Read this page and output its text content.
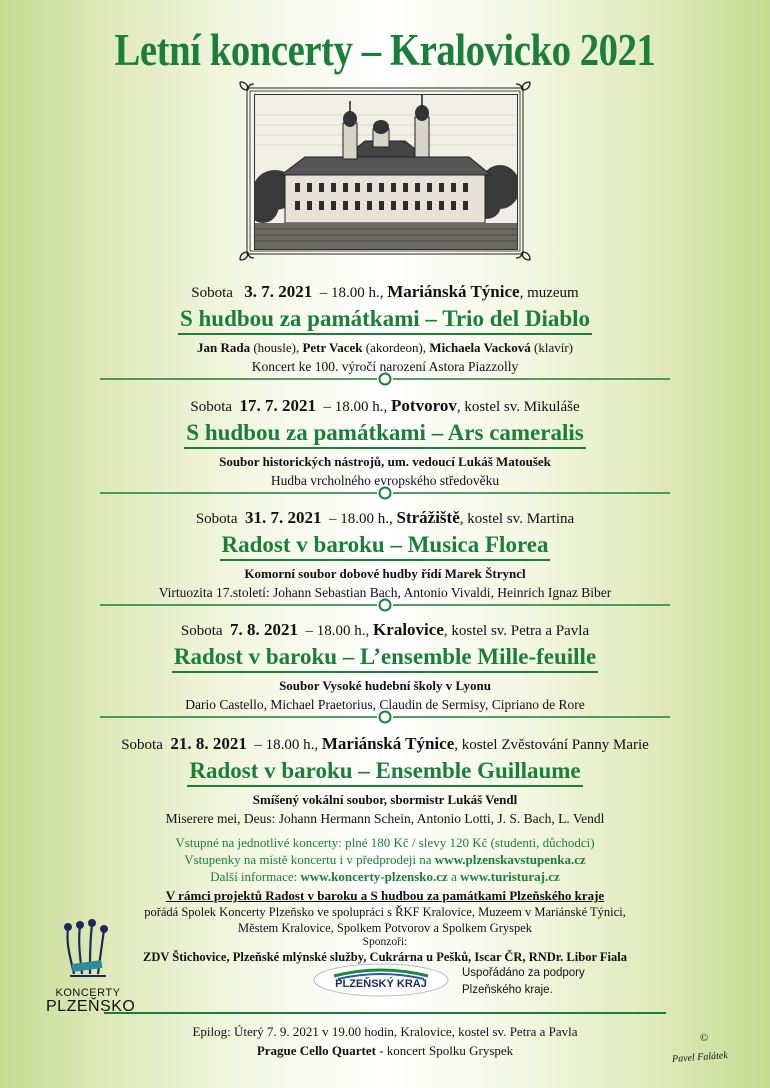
Letní koncerty – Kralovicko 2021
Sobota 3. 7. 2021 – 18.00 h., Mariánská Týnice, muzeum
S hudbou za památkami – Trio del Diablo
Jan Rada (housle), Petr Vacek (akordeon), Michaela Vacková (klavír)
Koncert ke 100. výročí narození Astora Piazzolly
Sobota 17. 7. 2021 – 18.00 h., Potvorov, kostel sv. Mikuláše
S hudbou za památkami – Ars cameralis
Soubor historických nástrojů, um. vedoucí Lukáš Matoušek
Hudba vrcholného evropského středověku
Sobota 31. 7. 2021 – 18.00 h., Strážiště, kostel sv. Martina
Radost v baroku – Musica Florea
Komorní soubor dobové hudby řídí Marek Štryncl
Virtuozita 17.století: Johann Sebastian Bach, Antonio Vivaldi, Heinrich Ignaz Biber
Sobota 7. 8. 2021 – 18.00 h., Kralovice, kostel sv. Petra a Pavla
Radost v baroku – L’ensemble Mille-feuille
Soubor Vysoké hudební školy v Lyonu
Dario Castello, Michael Praetorius, Claudin de Sermisy, Cipriano de Rore
Sobota 21. 8. 2021 – 18.00 h., Mariánská Týnice, kostel Zvěstování Panny Marie
Radost v baroku – Ensemble Guillaume
Smíšený vokální soubor, sbormistr Lukáš Vendl
Miserere mei, Deus: Johann Hermann Schein, Antonio Lotti, J. S. Bach, L. Vendl
Vstupné na jednotlivé koncerty: plné 180 Kč / slevy 120 Kč (studenti, důchodci)
Vstupenky na místě koncertu i v předprodeji na www.plzenskavstupenka.cz
Další informace: www.koncerty-plzensko.cz a www.turisturaj.cz
V rámci projektů Radost v baroku a S hudbou za památkami Plzeňského kraje
pořádá Spolek Koncerty Plzeňsko ve spolupráci s ŘKF Kralovice, Muzeem v Mariánské Týnici,
Městem Kralovice, Spolkem Potvorov a Spolkem Gryspek
Sponzoři:
ZDV Štichovice, Plzeňské mlýnské služby, Cukrárna u Pešků, Iscar ČR, RNDr. Libor Fiala
KONCERTY
PLZEŇSKO
PLZEŇSKÝ KRAJ
Uspořádáno za podpory
Plzeňského kraje.
Epilog: Úterý 7. 9. 2021 v 19.00 hodin, Kralovice, kostel sv. Petra a Pavla
Prague Cello Quartet - koncert Spolku Gryspek
©
Pavel Falátek
